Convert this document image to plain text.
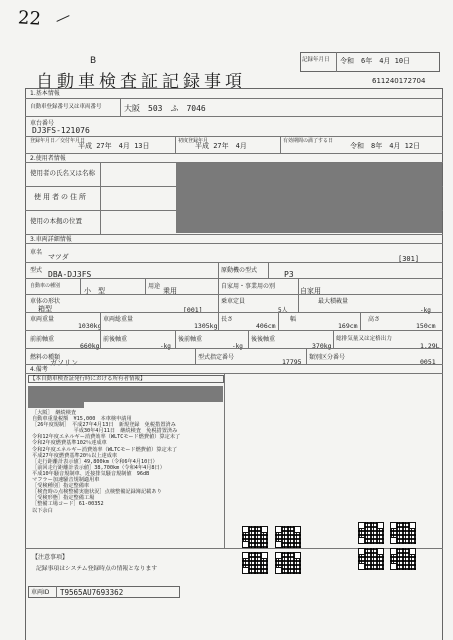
22
B
自動車検査証記録事項
記録年月日 令和　6年　4月 10日
611240172704
1.基本情報
自動車登録番号又は車両番号	大阪　503　ふ　7046
車台番号
DJ3FS-121076
登録年月日／交付年月日
平成 27年　4月 13日
初度登録年月
平成 27年　4月
有効期間の満了する日
令和　8年　4月 12日
2.使用者情報
使用者の氏名又は名称
使用者の住所
使用の本拠の位置
3.車両詳細情報
車名
マツダ	[301]
型式 DBA-DJ3FS	原動機の型式	P3
自動車の種別
小　型
用途
乗用
自家用・事業用の別
自家用
車体の形状
箱型	[001]
乗車定員
5人
最大積載量
-kg
車両重量
1030kg
車両総重量
1305kg
長さ
406cm
幅
169cm
高さ
150cm
前前軸重
660kg
前後軸重
-kg
後前軸重
-kg
後後軸重
370kg
総排気量又は定格出力
1.29L
燃料の種類
ガソリン
型式指定番号
17795
類別区分番号
0051
4.備考
【本自動車検査証発行時における所有者情報】
［大阪］　継続検査
自動車重量税額　¥15,000　本車検申請用
［26年度規制］　平成27年4月13日　新規登録　免税措置済み
　　　　　　　　平成30年4月11日　継続検査　免税措置済み
令和12年度エネルギー消費効率（WLTCモード燃費値）算定未了
令和2年度燃費基準102％達成車
令和2年度エネルギー消費効率（WLTCモード燃費値）算定未了
平成27年度燃費基準20％以上達成車
［走行距離計表示値］49,800km（令和6年4月10日）
［前回走行距離計表示値］38,700km（令和4年4月8日）
平成10年騒音規制車、近接排気騒音規制値　96dB
マフラー加速騒音規制適用車
［受検種別］指定整備車
［検査時の点検整備実施状況］点検整備記録簿記載あり
［受検形態］指定整備工場
［整備工場コード］61-00352
以下余白
【注意事項】
記録事項はシステム登録時点の情報となります
車両ID T9565AU7693362
